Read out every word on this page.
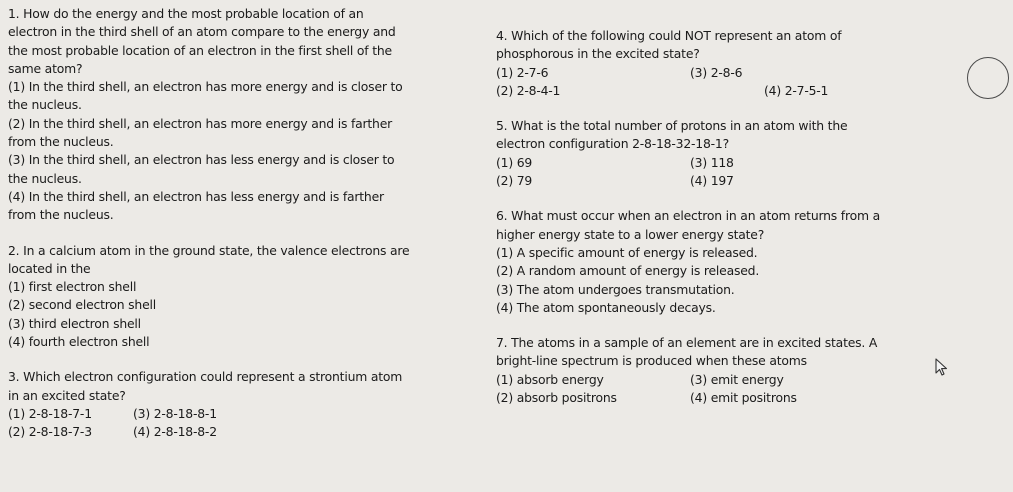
1. How do the energy and the most probable location of an
electron in the third shell of an atom compare to the energy and
the most probable location of an electron in the first shell of the
same atom?
(1) In the third shell, an electron has more energy and is closer to
the nucleus.
(2) In the third shell, an electron has more energy and is farther
from the nucleus.
(3) In the third shell, an electron has less energy and is closer to
the nucleus.
(4) In the third shell, an electron has less energy and is farther
from the nucleus.
2. In a calcium atom in the ground state, the valence electrons are
located in the
(1) first electron shell
(2) second electron shell
(3) third electron shell
(4) fourth electron shell
3. Which electron configuration could represent a strontium atom
in an excited state?
(1) 2-8-18-7-1	(3) 2-8-18-8-1
(2) 2-8-18-7-3	(4) 2-8-18-8-2
4. Which of the following could NOT represent an atom of
phosphorous in the excited state?
(1) 2-7-6	(3) 2-8-6
(2) 2-8-4-1	(4) 2-7-5-1
5. What is the total number of protons in an atom with the
electron configuration 2-8-18-32-18-1?
(1) 69	(3) 118
(2) 79	(4) 197
6. What must occur when an electron in an atom returns from a
higher energy state to a lower energy state?
(1) A specific amount of energy is released.
(2) A random amount of energy is released.
(3) The atom undergoes transmutation.
(4) The atom spontaneously decays.
7. The atoms in a sample of an element are in excited states. A
bright-line spectrum is produced when these atoms
(1) absorb energy	(3) emit energy
(2) absorb positrons	(4) emit positrons
